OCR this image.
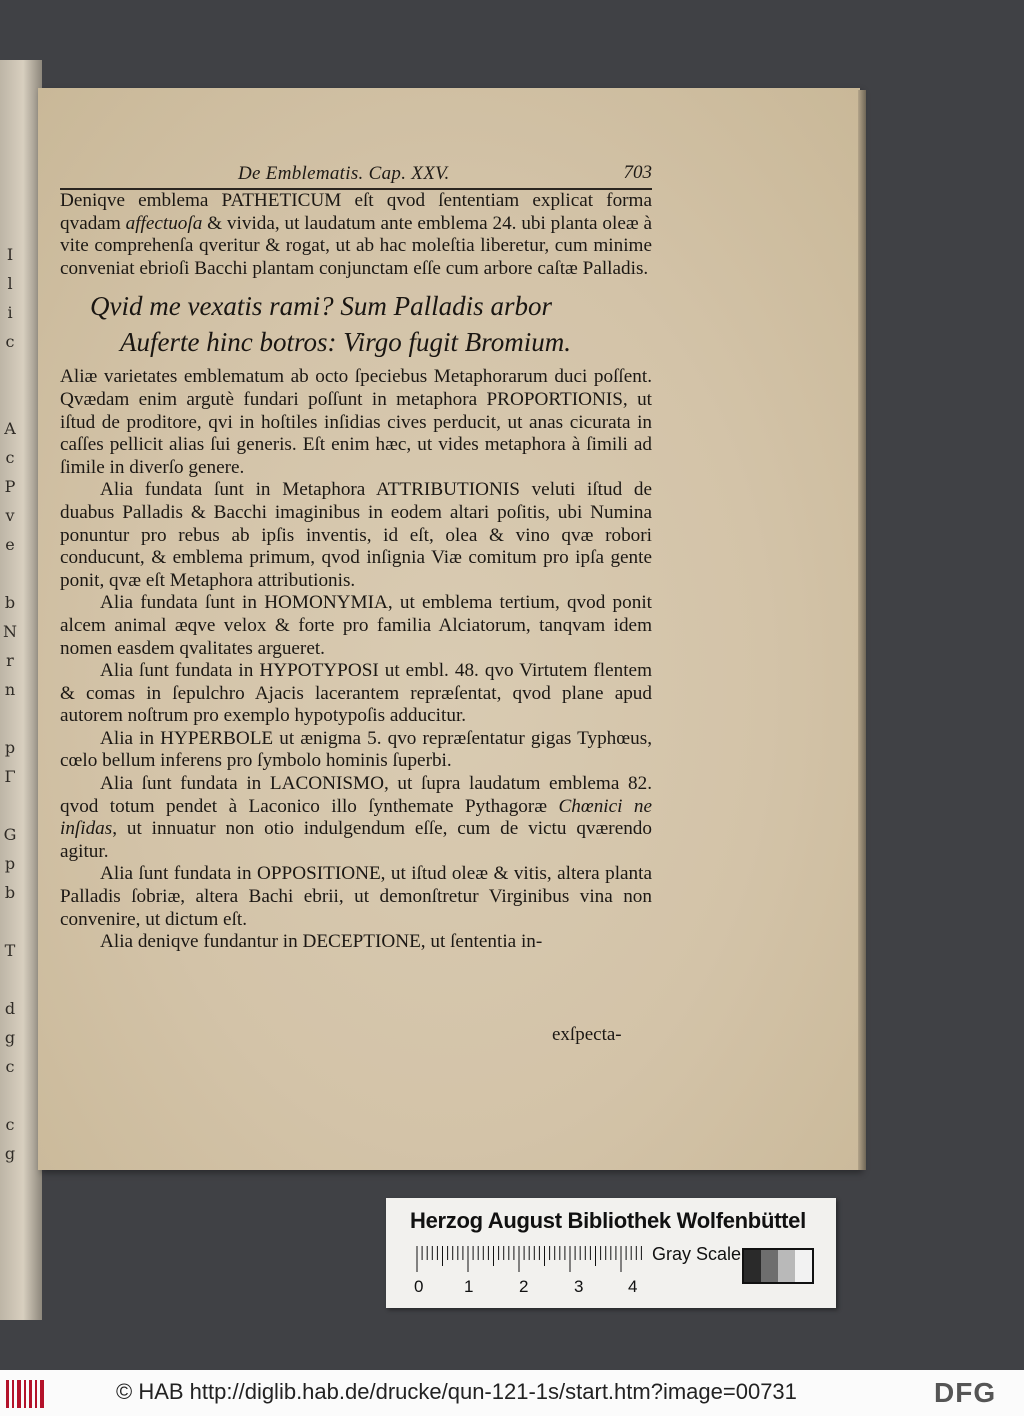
I
l
i
c
A
c
P
v
e
b
N
r
n
p
Γ
G
p
b
T
d
g
c
c
g
De Emblematis. Cap. XXV.	703

Deniqve emblema PATHETICUM eſt qvod ſententiam explicat forma qvadam affectuoſa & vivida, ut laudatum ante emblema 24. ubi planta oleæ à vite comprehenſa qveritur & rogat, ut ab hac moleſtia liberetur, cum minime conveniat ebrioſi Bacchi plantam conjunctam eſſe cum arbore caſtæ Palladis.

Qvid me vexatis rami? Sum Palladis arbor
Auferte hinc botros: Virgo fugit Bromium.

Aliæ varietates emblematum ab octo ſpeciebus Metaphorarum duci poſſent. Qvædam enim argutè fundari poſſunt in metaphora PROPORTIONIS, ut iſtud de proditore, qvi in hoſtiles inſidias cives perducit, ut anas cicurata in caſſes pellicit alias ſui generis. Eſt enim hæc, ut vides metaphora à ſimili ad ſimile in diverſo genere.

Alia fundata ſunt in Metaphora ATTRIBUTIONIS veluti iſtud de duabus Palladis & Bacchi imaginibus in eodem altari poſitis, ubi Numina ponuntur pro rebus ab ipſis inventis, id eſt, olea & vino qvæ robori conducunt, & emblema primum, qvod inſignia Viæ comitum pro ipſa gente ponit, qvæ eſt Metaphora attributionis.

Alia fundata ſunt in HOMONYMIA, ut emblema tertium, qvod ponit alcem animal æqve velox & forte pro familia Alciatorum, tanqvam idem nomen easdem qvalitates argueret.

Alia ſunt fundata in HYPOTYPOSI ut embl. 48. qvo Virtutem flentem & comas in ſepulchro Ajacis lacerantem repræſentat, qvod plane apud autorem noſtrum pro exemplo hypotypoſis adducitur.

Alia in HYPERBOLE ut ænigma 5. qvo repræſentatur gigas Typhœus, cœlo bellum inferens pro ſymbolo hominis ſuperbi.

Alia ſunt fundata in LACONISMO, ut ſupra laudatum emblema 82. qvod totum pendet à Laconico illo ſynthemate Pythagoræ Chœnici ne inſidas, ut innuatur non otio indulgendum eſſe, cum de victu qværendo agitur.

Alia ſunt fundata in OPPOSITIONE, ut iſtud oleæ & vitis, altera planta Palladis ſobriæ, altera Bachi ebrii, ut demonſtretur Virginibus vina non convenire, ut dictum eſt.

Alia deniqve fundantur in DECEPTIONE, ut ſententia in-

exſpecta-
Herzog August Bibliothek Wolfenbüttel
0 1	2	3	4
Gray Scale
© HAB http://diglib.hab.de/drucke/qun-121-1s/start.htm?image=00731	DFG
